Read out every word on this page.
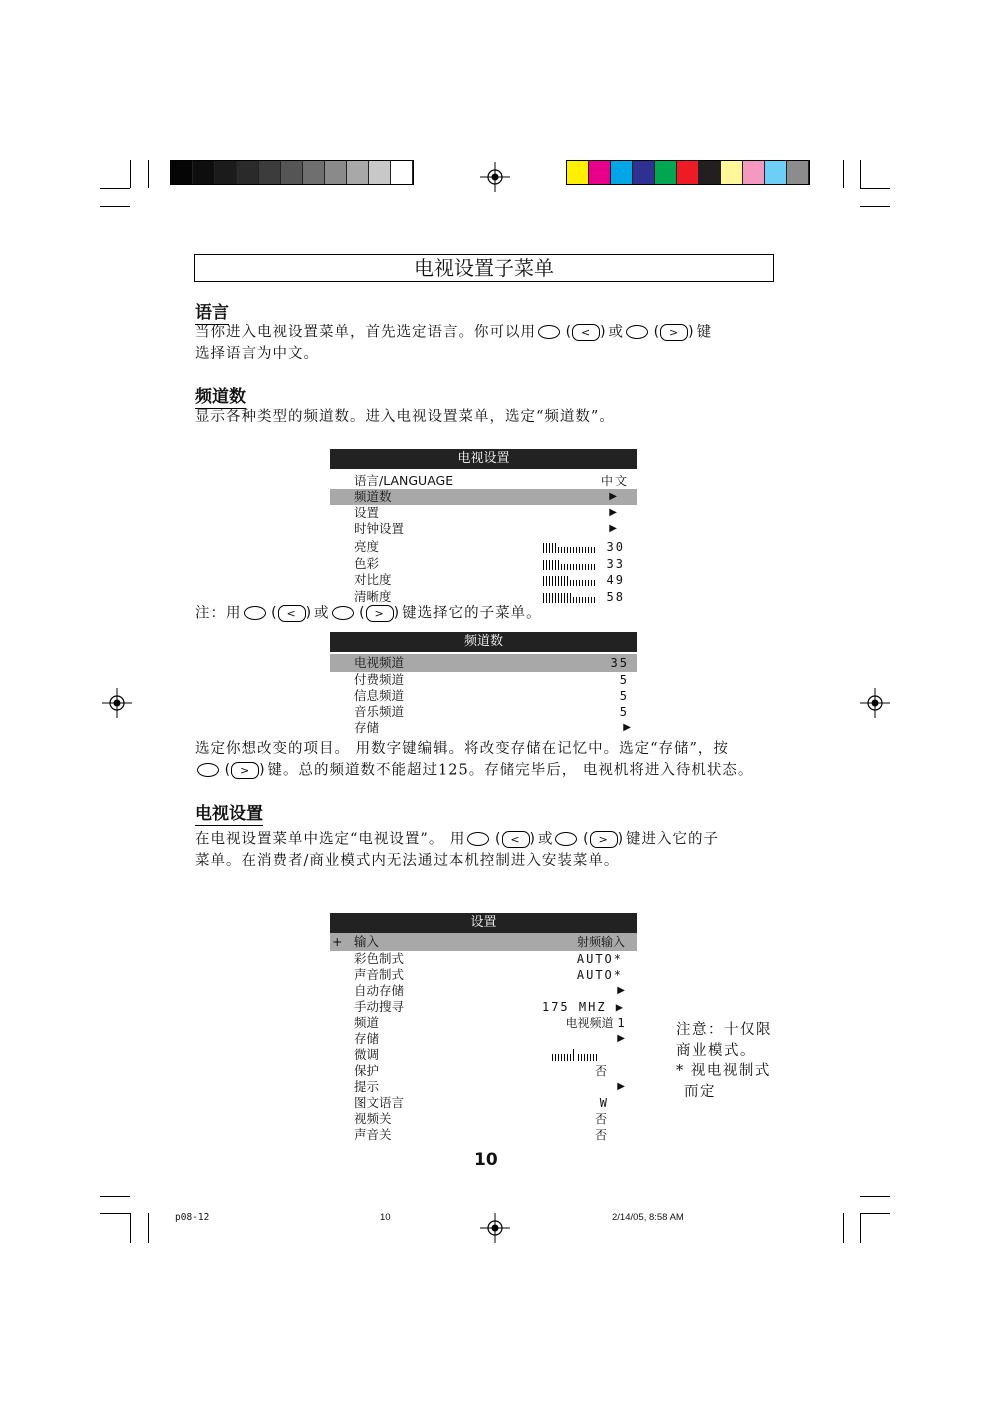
电视设置子菜单
语言
当你进入电视设置菜单，首先选定语言。你可以用 ( < ) 或 ( > ) 键
选择语言为中文。
频道数
显示各种类型的频道数。进入电视设置菜单，选定“频道数”。
电视设置
语言/LANGUAGE	中文
频道数	▶
设置	▶
时钟设置	▶
亮度	30
色彩	33
对比度	49
清晰度	58
注：用 ( < ) 或 ( > ) 键选择它的子菜单。
频道数
电视频道	35
付费频道	5
信息频道	5
音乐频道	5
存储	▶
选定你想改变的项目。 用数字键编辑。将改变存储在记忆中。选定“存储”，按
( > ) 键。总的频道数不能超过125。存储完毕后， 电视机将进入待机状态。
电视设置
在电视设置菜单中选定“电视设置”。 用 ( < ) 或 ( > ) 键进入它的子
菜单。在消费者/商业模式内无法通过本机控制进入安装菜单。
设置
+ 输入	射频输入
彩色制式	AUTO*
声音制式	AUTO*
自动存储	▶
手动搜寻	175 MHZ ▶
频道	电视频道 1
存储	▶
微调
保护	否
提示	▶
图文语言	W
视频关	否
声音关	否
注意：十仅限
商业模式。
* 视电视制式
而定
10
p08-12	10	2/14/05, 8:58 AM
